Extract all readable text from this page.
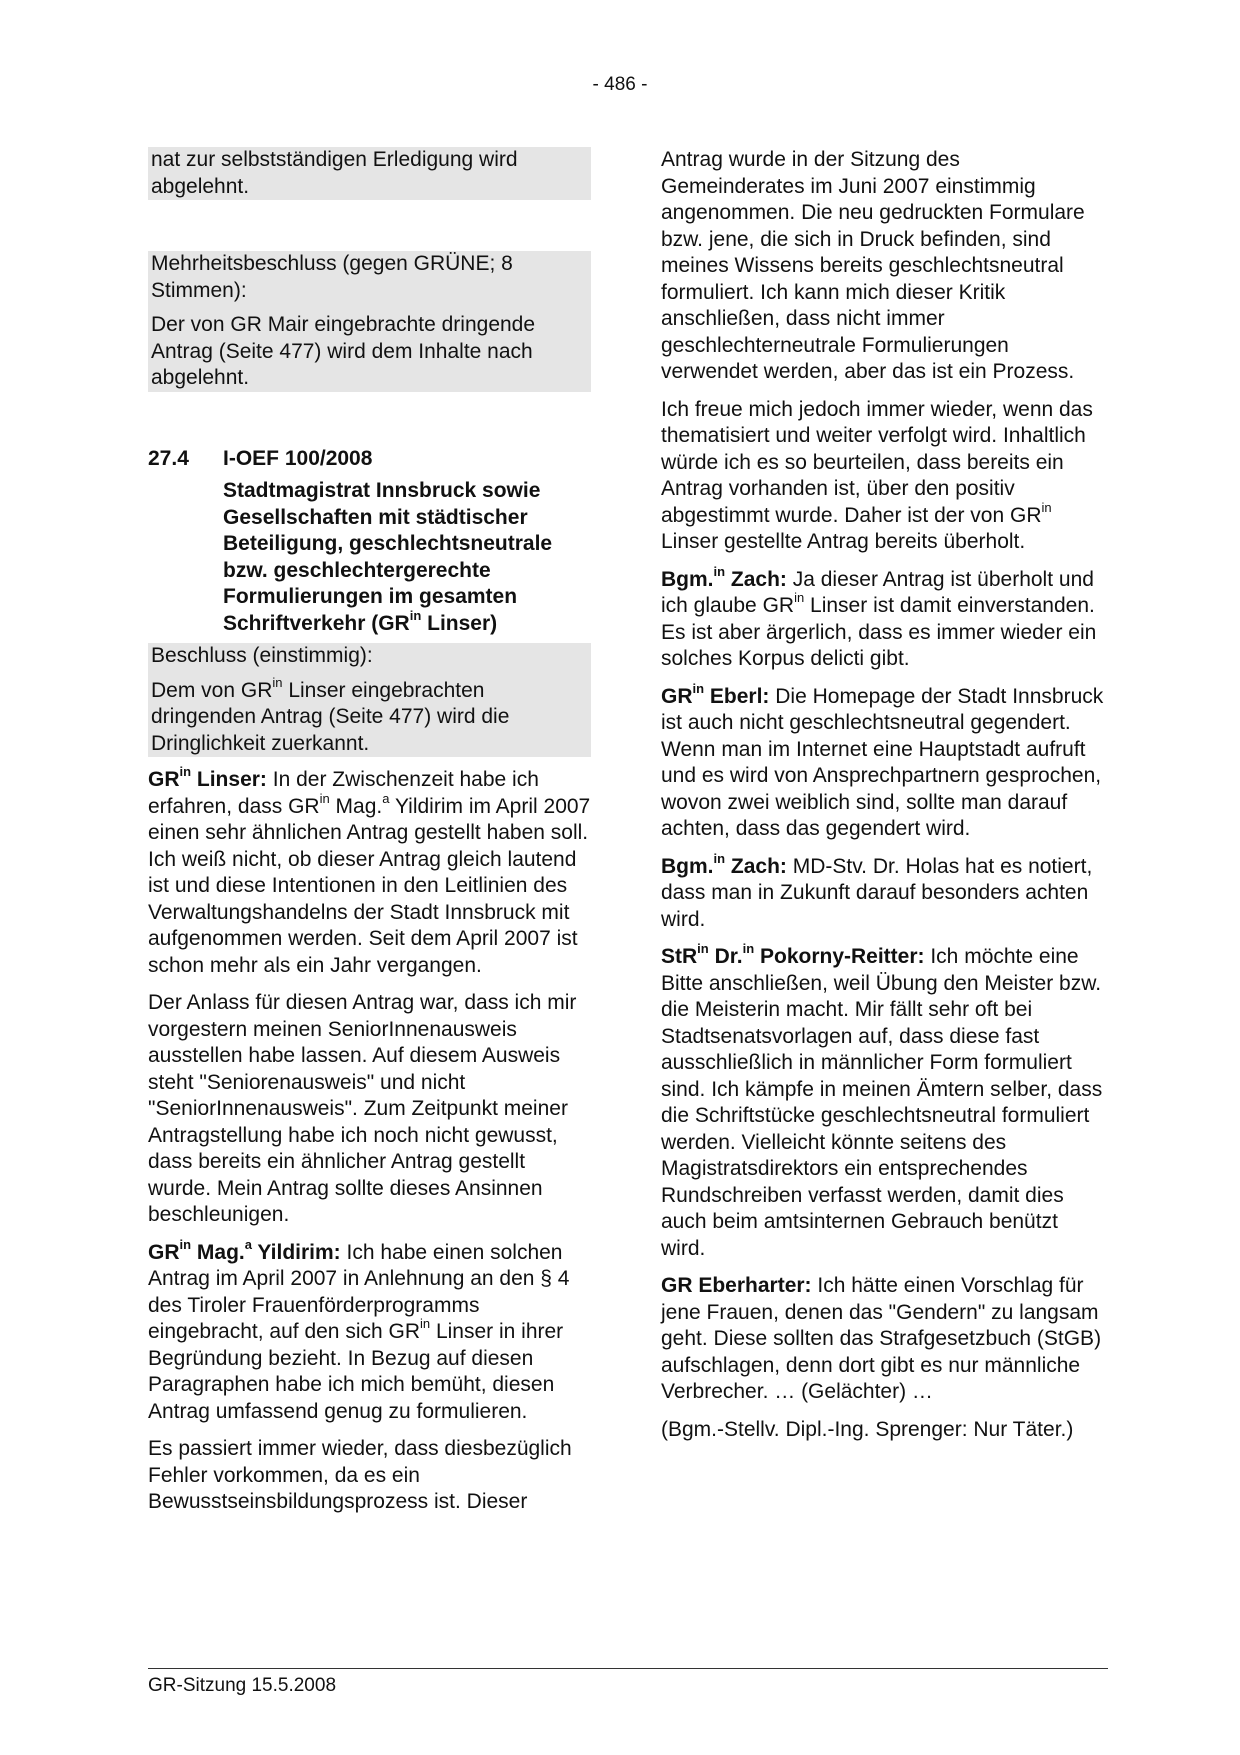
- 486 -

nat zur selbstständigen Erledigung wird abgelehnt.

Mehrheitsbeschluss (gegen GRÜNE; 8 Stimmen):

Der von GR Mair eingebrachte dringende Antrag (Seite 477) wird dem Inhalte nach abgelehnt.

27.4	I-OEF 100/2008
Stadtmagistrat Innsbruck sowie Gesellschaften mit städtischer Beteiligung, geschlechtsneutrale bzw. geschlechtergerechte Formulierungen im gesamten Schriftverkehr ($GR^{in}$ Linser)

Beschluss (einstimmig):

Dem von $GR^{in}$ Linser eingebrachten dringenden Antrag (Seite 477) wird die Dringlichkeit zuerkannt.

$GR^{in}$ Linser: In der Zwischenzeit habe ich erfahren, dass $GR^{in}$ Mag.$^a$ Yildirim im April 2007 einen sehr ähnlichen Antrag gestellt haben soll. Ich weiß nicht, ob dieser Antrag gleich lautend ist und diese Intentionen in den Leitlinien des Verwaltungshandelns der Stadt Innsbruck mit aufgenommen werden. Seit dem April 2007 ist schon mehr als ein Jahr vergangen.

Der Anlass für diesen Antrag war, dass ich mir vorgestern meinen SeniorInnenausweis ausstellen habe lassen. Auf diesem Ausweis steht "Seniorenausweis" und nicht "SeniorInnenausweis". Zum Zeitpunkt meiner Antragstellung habe ich noch nicht gewusst, dass bereits ein ähnlicher Antrag gestellt wurde. Mein Antrag sollte dieses Ansinnen beschleunigen.

$GR^{in}$ Mag.$^a$ Yildirim: Ich habe einen solchen Antrag im April 2007 in Anlehnung an den § 4 des Tiroler Frauenförderprogramms eingebracht, auf den sich $GR^{in}$ Linser in ihrer Begründung bezieht. In Bezug auf diesen Paragraphen habe ich mich bemüht, diesen Antrag umfassend genug zu formulieren.

Es passiert immer wieder, dass diesbezüglich Fehler vorkommen, da es ein Bewusstseinsbildungsprozess ist. Dieser

Antrag wurde in der Sitzung des Gemeinderates im Juni 2007 einstimmig angenommen. Die neu gedruckten Formulare bzw. jene, die sich in Druck befinden, sind meines Wissens bereits geschlechtsneutral formuliert. Ich kann mich dieser Kritik anschließen, dass nicht immer geschlechterneutrale Formulierungen verwendet werden, aber das ist ein Prozess.

Ich freue mich jedoch immer wieder, wenn das thematisiert und weiter verfolgt wird. Inhaltlich würde ich es so beurteilen, dass bereits ein Antrag vorhanden ist, über den positiv abgestimmt wurde. Daher ist der von $GR^{in}$ Linser gestellte Antrag bereits überholt.

Bgm.$^{in}$ Zach: Ja dieser Antrag ist überholt und ich glaube $GR^{in}$ Linser ist damit einverstanden. Es ist aber ärgerlich, dass es immer wieder ein solches Korpus delicti gibt.

$GR^{in}$ Eberl: Die Homepage der Stadt Innsbruck ist auch nicht geschlechtsneutral gegendert. Wenn man im Internet eine Hauptstadt aufruft und es wird von Ansprechpartnern gesprochen, wovon zwei weiblich sind, sollte man darauf achten, dass das gegendert wird.

Bgm.$^{in}$ Zach: MD-Stv. Dr. Holas hat es notiert, dass man in Zukunft darauf besonders achten wird.

StR$^{in}$ Dr.$^{in}$ Pokorny-Reitter: Ich möchte eine Bitte anschließen, weil Übung den Meister bzw. die Meisterin macht. Mir fällt sehr oft bei Stadtsenatsvorlagen auf, dass diese fast ausschließlich in männlicher Form formuliert sind. Ich kämpfe in meinen Ämtern selber, dass die Schriftstücke geschlechtsneutral formuliert werden. Vielleicht könnte seitens des Magistratsdirektors ein entsprechendes Rundschreiben verfasst werden, damit dies auch beim amtsinternen Gebrauch benützt wird.

GR Eberharter: Ich hätte einen Vorschlag für jene Frauen, denen das "Gendern" zu langsam geht. Diese sollten das Strafgesetzbuch (StGB) aufschlagen, denn dort gibt es nur männliche Verbrecher. … (Gelächter) …

(Bgm.-Stellv. Dipl.-Ing. Sprenger: Nur Täter.)

GR-Sitzung 15.5.2008
